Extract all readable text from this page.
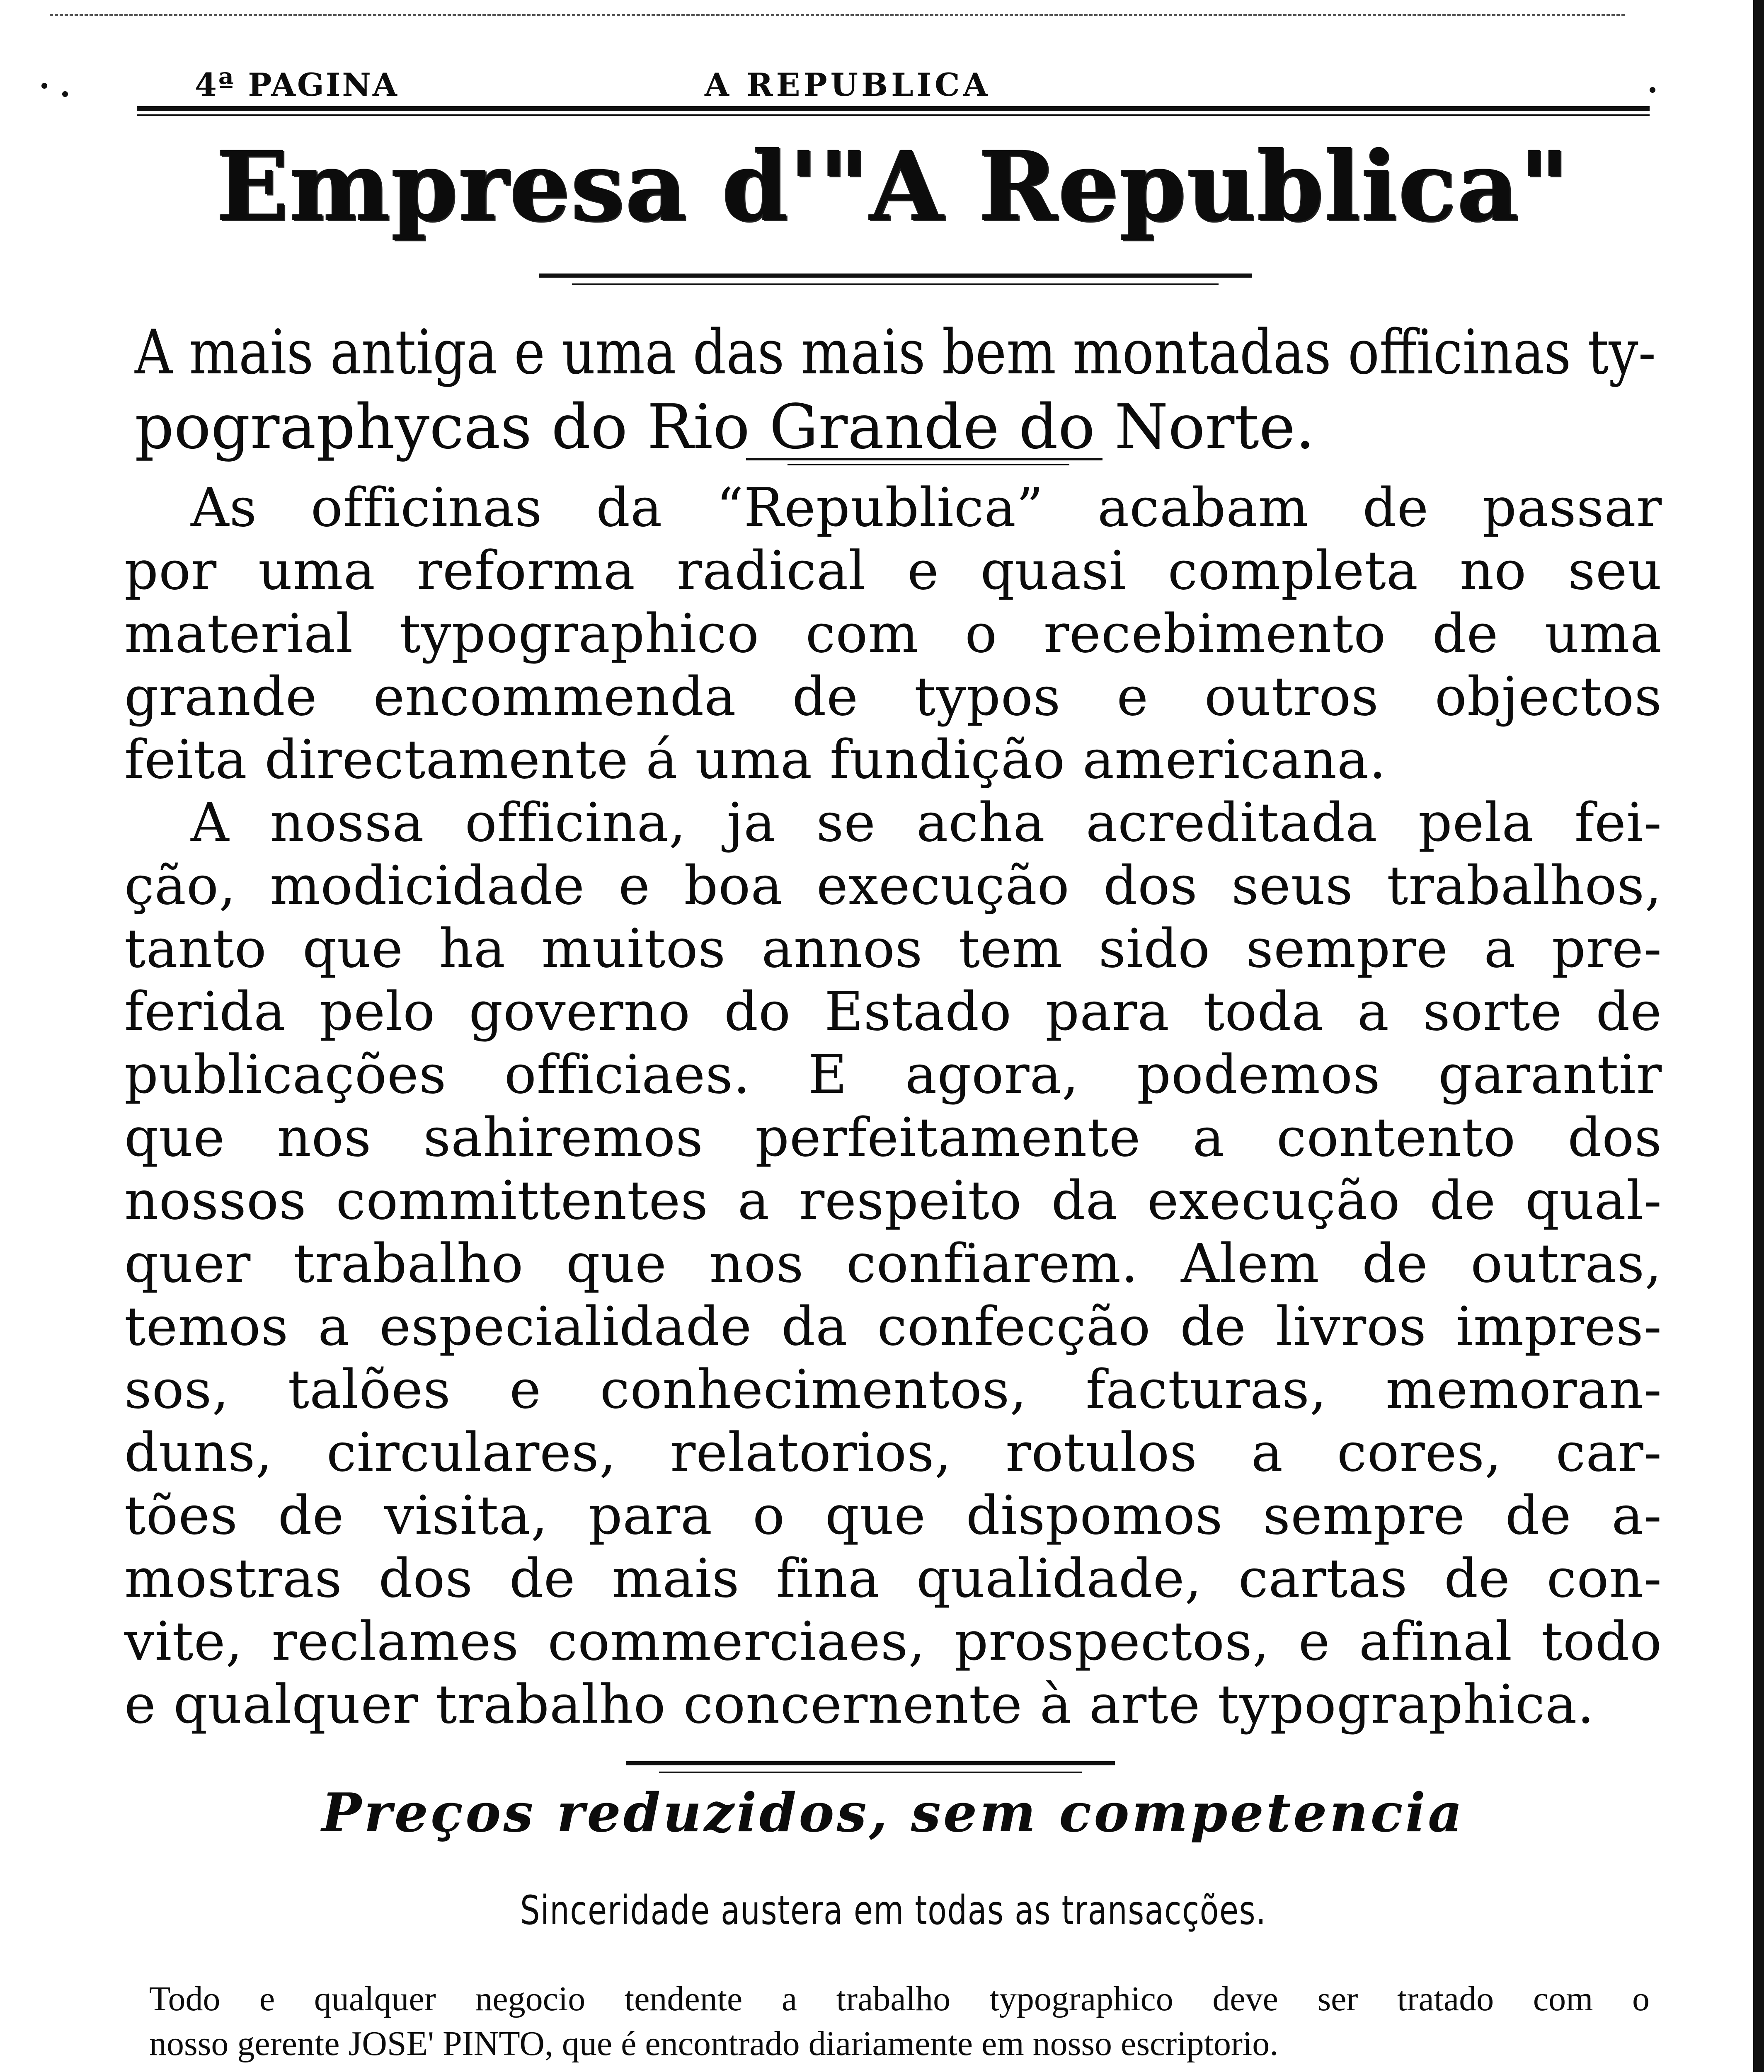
4ª PAGINA	A REPUBLICA
Empresa d'"A Republica"
A mais antiga e uma das mais bem montadas officinas ty-
pographycas do Rio Grande do Norte.
As officinas da “Republica” acabam de passar
por uma reforma radical e quasi completa no seu
material typographico com o recebimento de uma
grande encommenda de typos e outros objectos
feita directamente á uma fundição americana.
A nossa officina, ja se acha acreditada pela fei-
ção, modicidade e boa execução dos seus trabalhos,
tanto que ha muitos annos tem sido sempre a pre-
ferida pelo governo do Estado para toda a sorte de
publicações officiaes. E agora, podemos garantir
que nos sahiremos perfeitamente a contento dos
nossos committentes a respeito da execução de qual-
quer trabalho que nos confiarem. Alem de outras,
temos a especialidade da confecção de livros impres-
sos, talões e conhecimentos, facturas, memoran-
duns, circulares, relatorios, rotulos a cores, car-
tões de visita, para o que dispomos sempre de a-
mostras dos de mais fina qualidade, cartas de con-
vite, reclames commerciaes, prospectos, e afinal todo
e qualquer trabalho concernente à arte typographica.
Preços reduzidos, sem competencia
Sinceridade austera em todas as transacções.
Todo e qualquer negocio tendente a trabalho typographico deve ser tratado com o
nosso gerente JOSE' PINTO, que é encontrado diariamente em nosso escriptorio.
